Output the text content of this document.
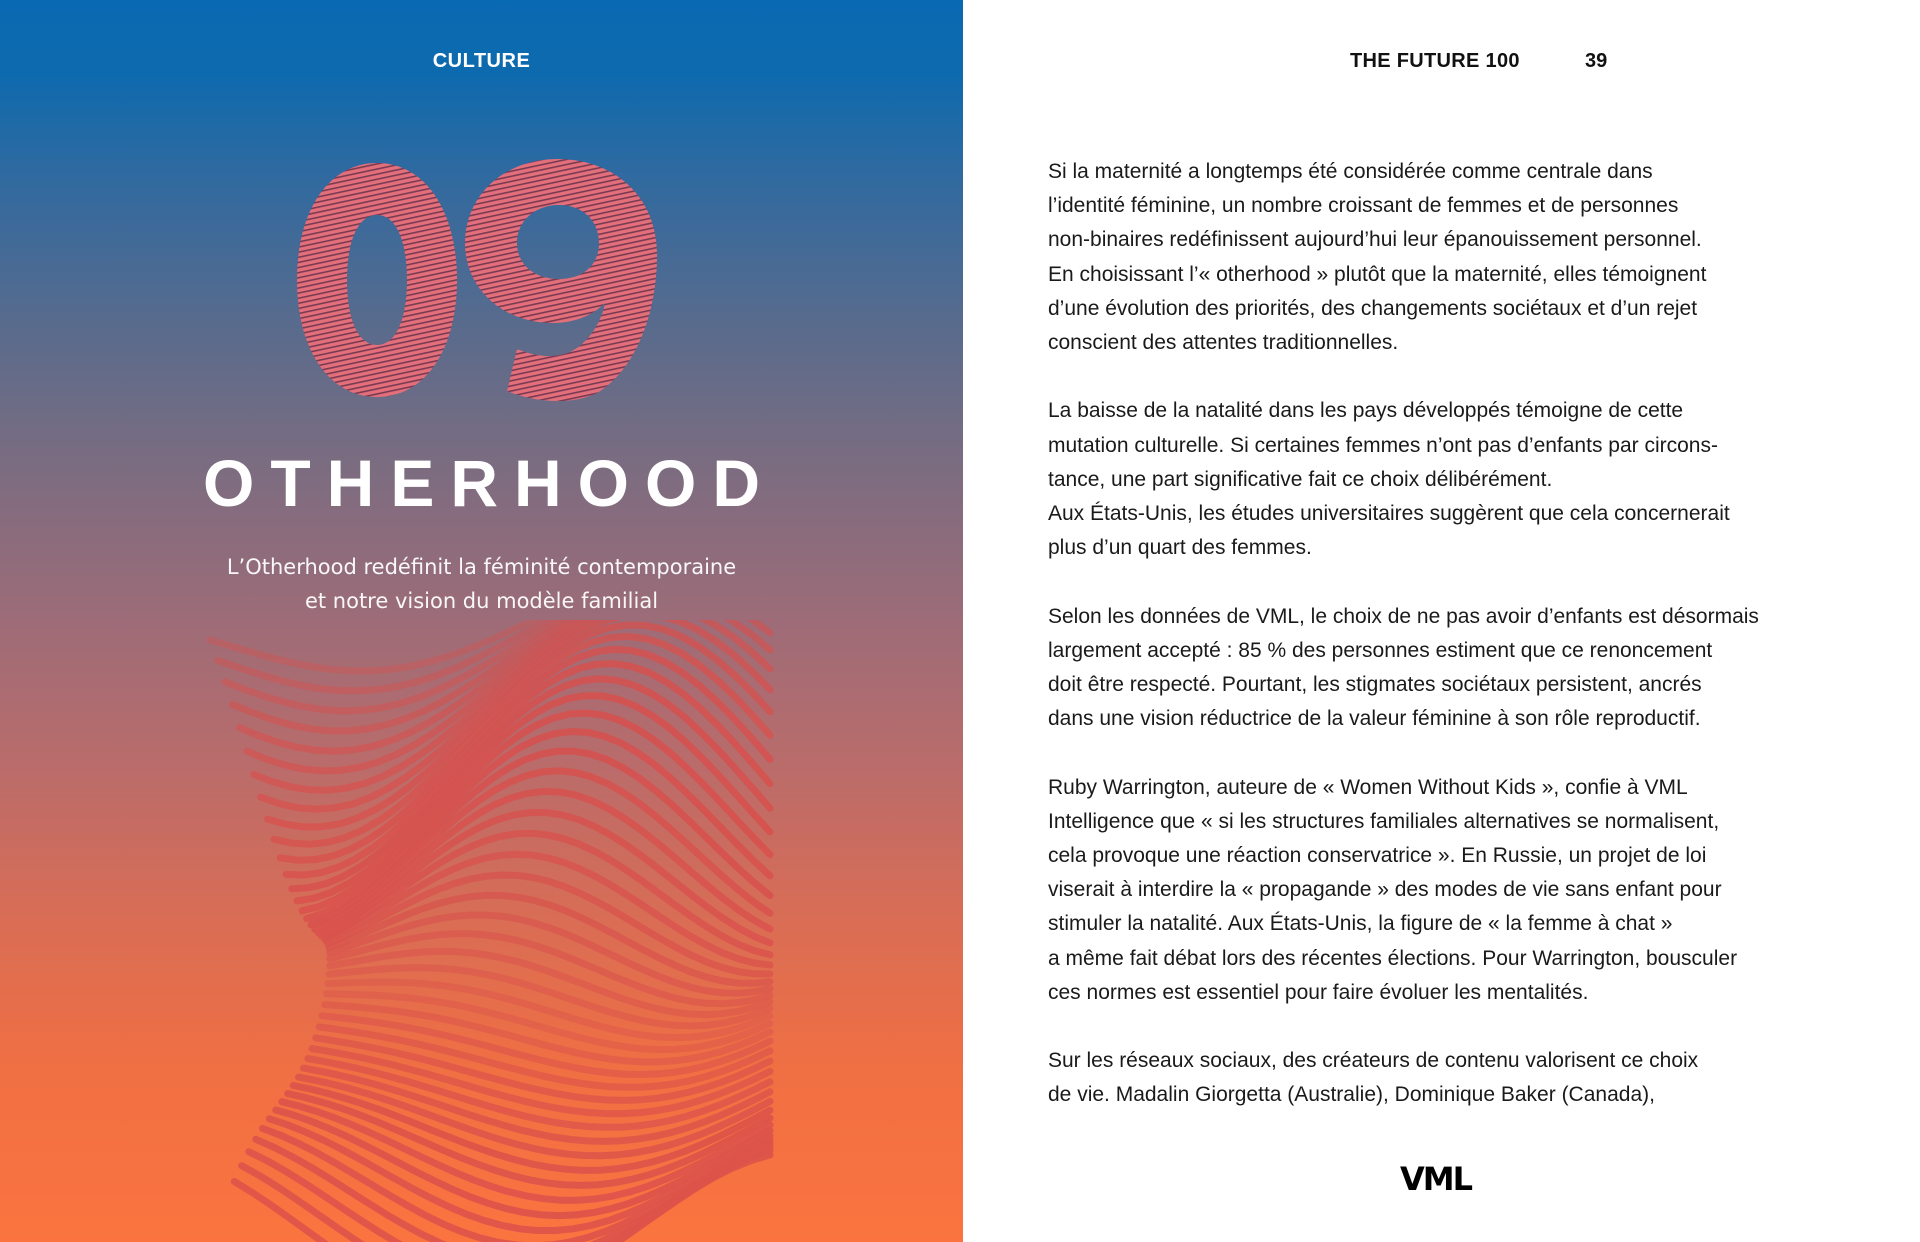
CULTURE
OTHERHOOD
L’Otherhood redéfinit la féminité contemporaine
et notre vision du modèle familial
THE FUTURE 100	39
Si la maternité a longtemps été considérée comme centrale dans
l’identité féminine, un nombre croissant de femmes et de personnes
non-binaires redéfinissent aujourd’hui leur épanouissement personnel.
En choisissant l’« otherhood » plutôt que la maternité, elles témoignent
d’une évolution des priorités, des changements sociétaux et d’un rejet
conscient des attentes traditionnelles.
La baisse de la natalité dans les pays développés témoigne de cette
mutation culturelle. Si certaines femmes n’ont pas d’enfants par circons-
tance, une part significative fait ce choix délibérément.
Aux États-Unis, les études universitaires suggèrent que cela concernerait
plus d’un quart des femmes.
Selon les données de VML, le choix de ne pas avoir d’enfants est désormais
largement accepté : 85 % des personnes estiment que ce renoncement
doit être respecté. Pourtant, les stigmates sociétaux persistent, ancrés
dans une vision réductrice de la valeur féminine à son rôle reproductif.
Ruby Warrington, auteure de « Women Without Kids », confie à VML
Intelligence que « si les structures familiales alternatives se normalisent,
cela provoque une réaction conservatrice ». En Russie, un projet de loi
viserait à interdire la « propagande » des modes de vie sans enfant pour
stimuler la natalité. Aux États-Unis, la figure de « la femme à chat »
a même fait débat lors des récentes élections. Pour Warrington, bousculer
ces normes est essentiel pour faire évoluer les mentalités.
Sur les réseaux sociaux, des créateurs de contenu valorisent ce choix
de vie. Madalin Giorgetta (Australie), Dominique Baker (Canada),
VML
